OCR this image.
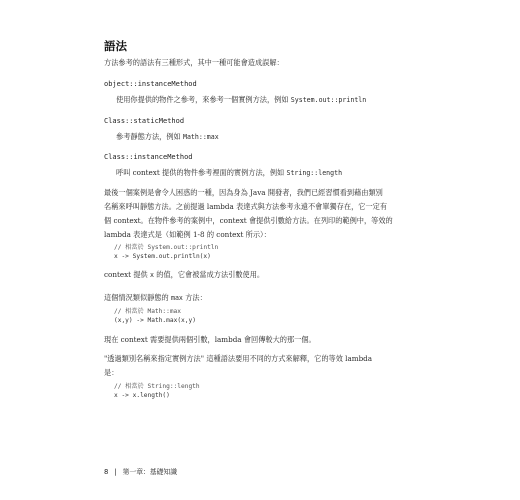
語法
方法參考的語法有三種形式，其中一種可能會造成誤解：
object::instanceMethod
使用你提供的物件之參考，來參考一個實例方法，例如 System.out::println
Class::staticMethod
參考靜態方法，例如 Math::max
Class::instanceMethod
呼叫 context 提供的物件參考裡面的實例方法，例如 String::length
最後一個案例是會令人困惑的一種，因為身為 Java 開發者，我們已經習慣看到藉由類別
名稱來呼叫靜態方法。之前提過 lambda 表達式與方法參考永遠不會單獨存在，它一定有
個 context。在物件參考的案例中，context 會提供引數給方法。在列印的範例中，等效的
lambda 表達式是（如範例 1-8 的 context 所示）：
// 相當於 System.out::println
x -> System.out.println(x)
context 提供 x 的值，它會被當成方法引數使用。
這個情況類似靜態的 max 方法：
// 相當於 Math::max
(x,y) -> Math.max(x,y)
現在 context 需要提供兩個引數，lambda 會回傳較大的那一個。
"透過類別名稱來指定實例方法" 這種語法要用不同的方式來解釋，它的等效 lambda
是：
// 相當於 String::length
x -> x.length()
8 | 第一章：基礎知識
